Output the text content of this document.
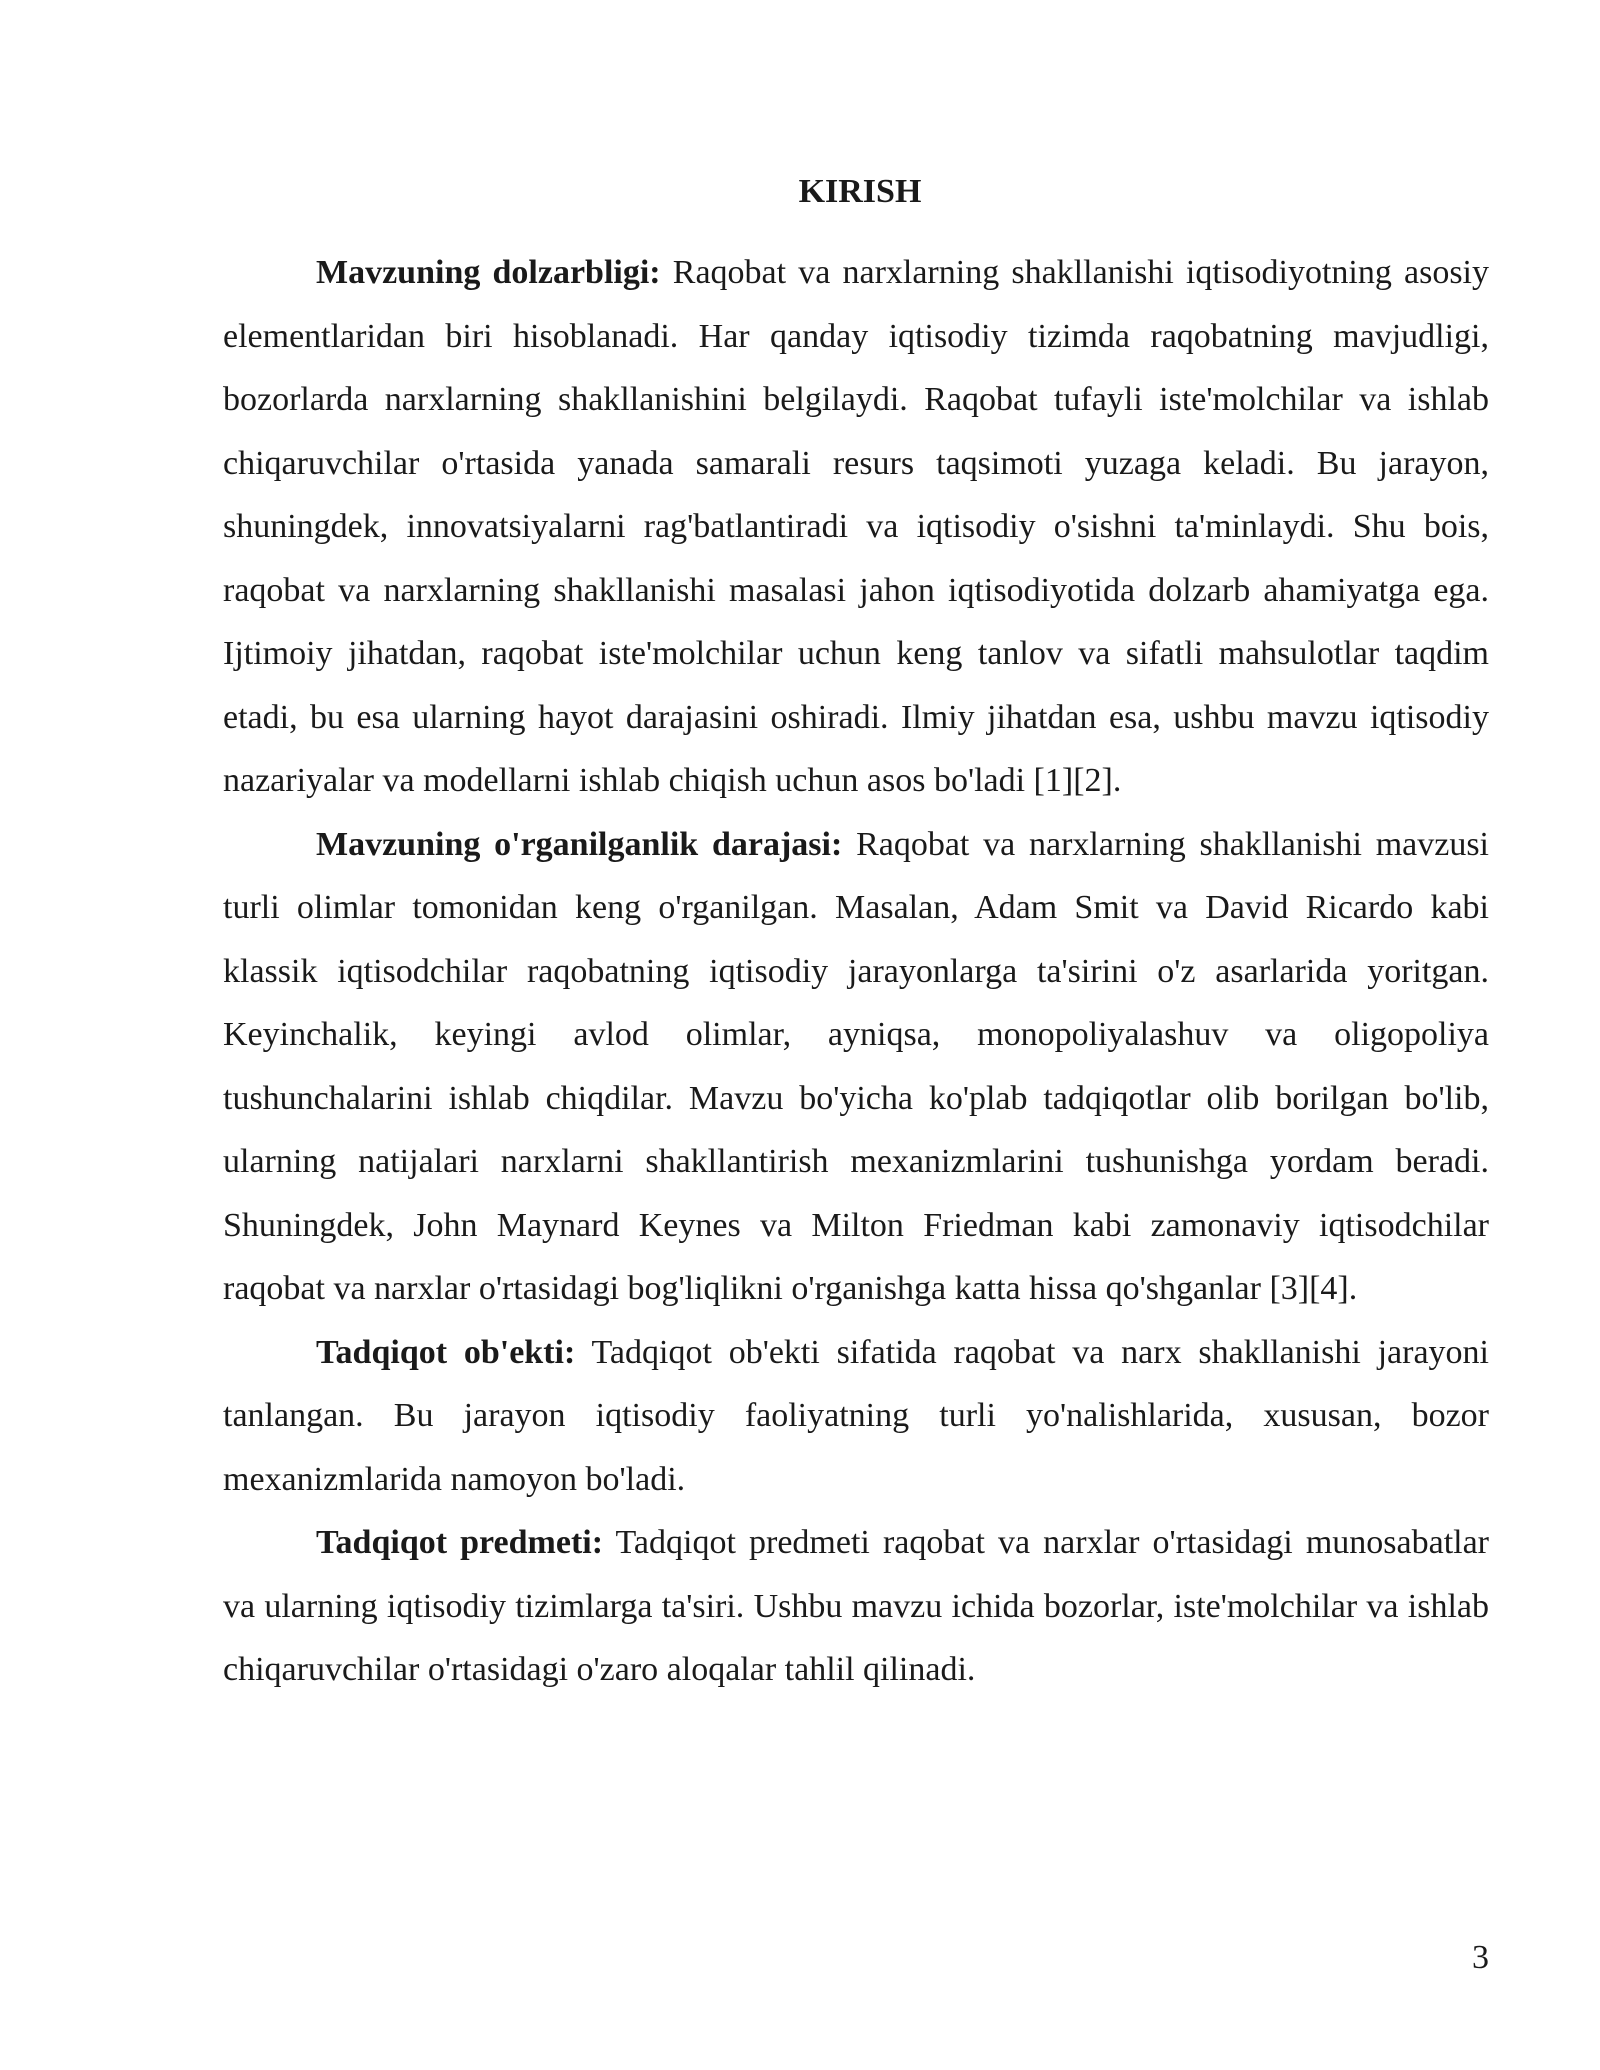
KIRISH

Mavzuning dolzarbligi: Raqobat va narxlarning shakllanishi iqtisodiyotning asosiy elementlaridan biri hisoblanadi. Har qanday iqtisodiy tizimda raqobatning mavjudligi, bozorlarda narxlarning shakllanishini belgilaydi. Raqobat tufayli iste'molchilar va ishlab chiqaruvchilar o'rtasida yanada samarali resurs taqsimoti yuzaga keladi. Bu jarayon, shuningdek, innovatsiyalarni rag'batlantiradi va iqtisodiy o'sishni ta'minlaydi. Shu bois, raqobat va narxlarning shakllanishi masalasi jahon iqtisodiyotida dolzarb ahamiyatga ega. Ijtimoiy jihatdan, raqobat iste'molchilar uchun keng tanlov va sifatli mahsulotlar taqdim etadi, bu esa ularning hayot darajasini oshiradi. Ilmiy jihatdan esa, ushbu mavzu iqtisodiy nazariyalar va modellarni ishlab chiqish uchun asos bo'ladi [1][2].

Mavzuning o'rganilganlik darajasi: Raqobat va narxlarning shakllanishi mavzusi turli olimlar tomonidan keng o'rganilgan. Masalan, Adam Smit va David Ricardo kabi klassik iqtisodchilar raqobatning iqtisodiy jarayonlarga ta'sirini o'z asarlarida yoritgan. Keyinchalik, keyingi avlod olimlar, ayniqsa, monopoliyalashuv va oligopoliya tushunchalarini ishlab chiqdilar. Mavzu bo'yicha ko'plab tadqiqotlar olib borilgan bo'lib, ularning natijalari narxlarni shakllantirish mexanizmlarini tushunishga yordam beradi. Shuningdek, John Maynard Keynes va Milton Friedman kabi zamonaviy iqtisodchilar raqobat va narxlar o'rtasidagi bog'liqlikni o'rganishga katta hissa qo'shganlar [3][4].

Tadqiqot ob'ekti: Tadqiqot ob'ekti sifatida raqobat va narx shakllanishi jarayoni tanlangan. Bu jarayon iqtisodiy faoliyatning turli yo'nalishlarida, xususan, bozor mexanizmlarida namoyon bo'ladi.

Tadqiqot predmeti: Tadqiqot predmeti raqobat va narxlar o'rtasidagi munosabatlar va ularning iqtisodiy tizimlarga ta'siri. Ushbu mavzu ichida bozorlar, iste'molchilar va ishlab chiqaruvchilar o'rtasidagi o'zaro aloqalar tahlil qilinadi.

3
